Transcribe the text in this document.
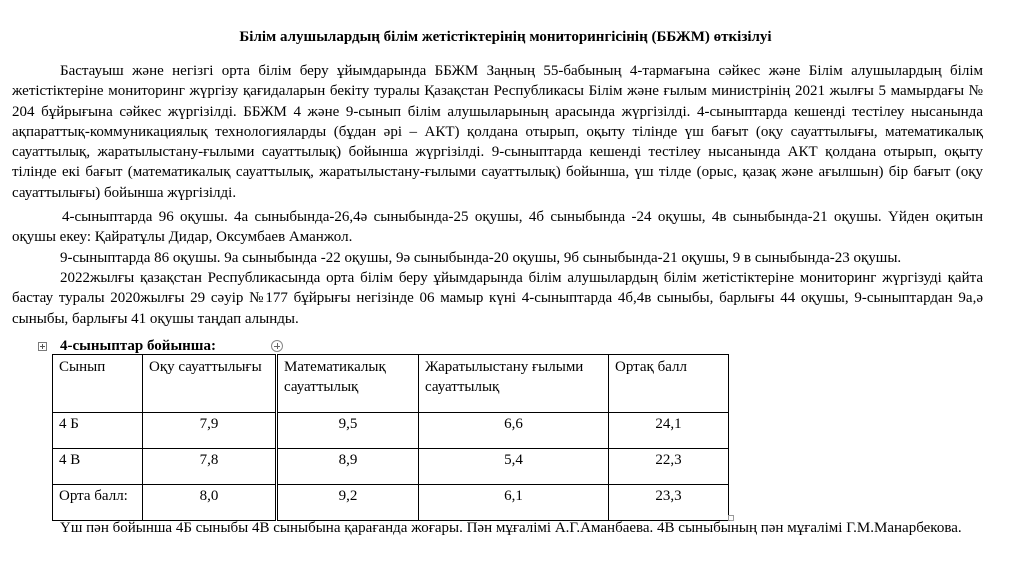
Білім алушылардың білім жетістіктерінің мониторингісінің (ББЖМ) өткізілуі

Бастауыш және негізгі орта білім беру ұйымдарында ББЖМ Заңның 55-бабының 4-тармағына сәйкес және Білім алушылардың білім жетістіктеріне мониторинг жүргізу қағидаларын бекіту туралы Қазақстан Республикасы Білім және ғылым министрінің 2021 жылғы 5 мамырдағы № 204 бұйрығына сәйкес жүргізілді. ББЖМ 4 және 9-сынып білім алушыларының арасында жүргізілді. 4-сыныптарда кешенді тестілеу нысанында ақпараттық-коммуникациялық технологияларды (бұдан әрі – АКТ) қолдана отырып, оқыту тілінде үш бағыт (оқу сауаттылығы, математикалық сауаттылық, жаратылыстану-ғылыми сауаттылық) бойынша жүргізілді. 9-сыныптарда кешенді тестілеу нысанында АКТ қолдана отырып, оқыту тілінде екі бағыт (математикалық сауаттылық, жаратылыстану-ғылыми сауаттылық) бойынша, үш тілде (орыс, қазақ және ағылшын) бір бағыт (оқу сауаттылығы) бойынша жүргізілді.

4-сыныптарда 96 оқушы. 4а сыныбында-26,4ә сыныбында-25 оқушы, 4б сыныбында -24 оқушы, 4в сыныбында-21 оқушы. Үйден оқитын оқушы екеу: Қайратұлы Дидар, Оксумбаев Аманжол.

9-сыныптарда 86 оқушы. 9а сыныбында -22 оқушы, 9ә сыныбында-20 оқушы, 9б сыныбында-21 оқушы, 9 в сыныбында-23 оқушы.

2022жылғы қазақстан Республикасында орта білім беру ұйымдарында білім алушылардың білім жетістіктеріне мониторинг жүргізуді қайта бастау туралы 2020жылғы 29 сәуір №177 бұйрығы негізінде 06 мамыр күні 4-сыныптарда 4б,4в сыныбы, барлығы 44 оқушы, 9-сыныптардан 9а,ә сыныбы, барлығы 41 оқушы таңдап алынды.

4-сыныптар бойынша:
Сынып	Оқу сауаттылығы	Математикалық сауаттылық	Жаратылыстану ғылыми сауаттылық	Ортақ балл
4 Б	7,9	9,5	6,6	24,1
4 В	7,8	8,9	5,4	22,3
Орта балл:	8,0	9,2	6,1	23,3

Үш пән бойынша 4Б сыныбы 4В сыныбына қарағанда жоғары. Пән мұғалімі А.Г.Аманбаева. 4В сыныбының пән мұғалімі Г.М.Манарбекова.
